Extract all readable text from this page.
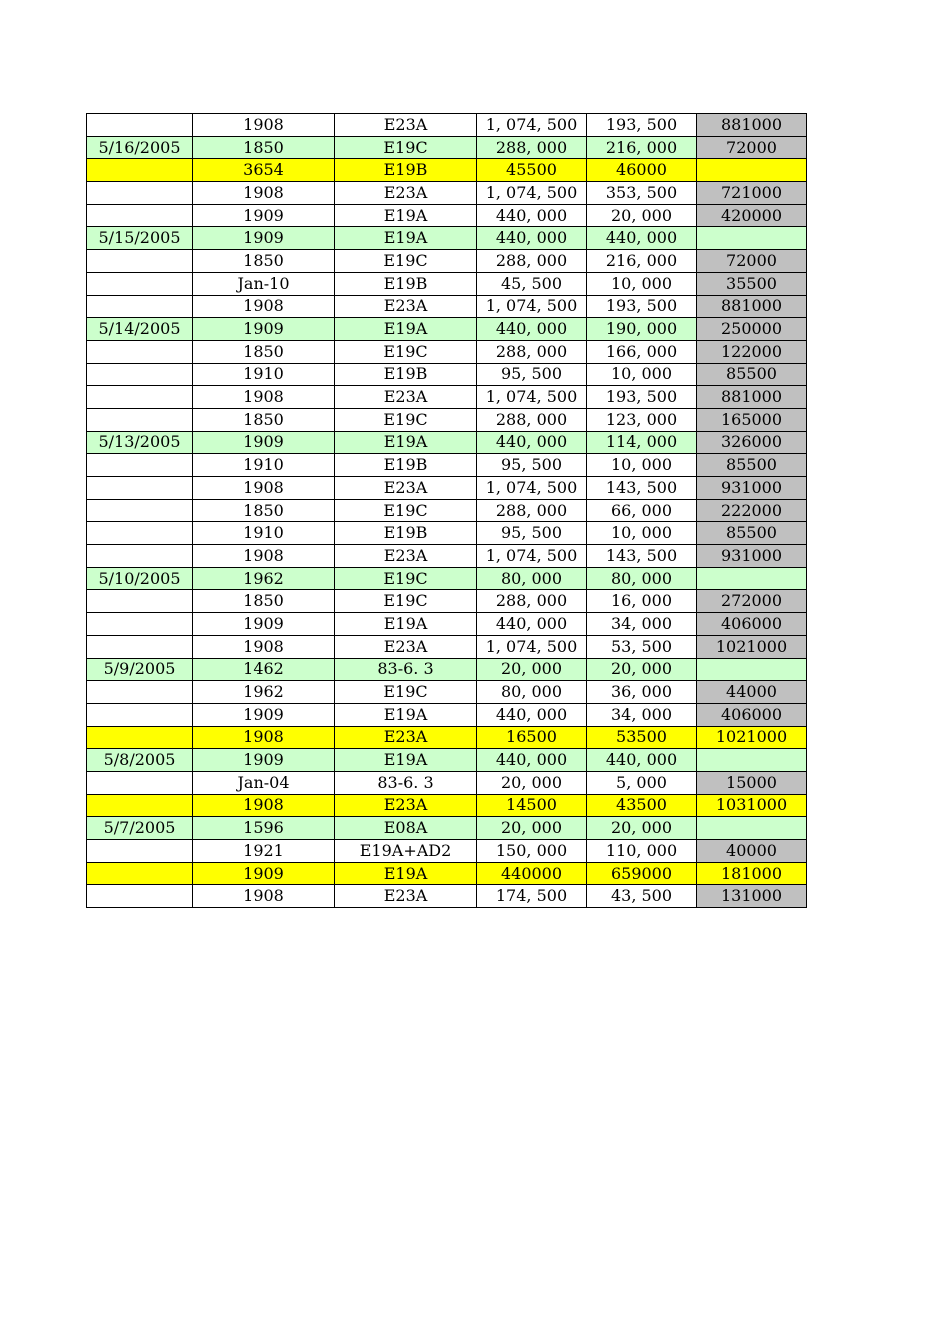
	1908	E23A	1, 074, 500	193, 500	881000
5/16/2005	1850	E19C	288, 000	216, 000	72000
	3654	E19B	45500	46000	
	1908	E23A	1, 074, 500	353, 500	721000
	1909	E19A	440, 000	20, 000	420000
5/15/2005	1909	E19A	440, 000	440, 000	
	1850	E19C	288, 000	216, 000	72000
	Jan-10	E19B	45, 500	10, 000	35500
	1908	E23A	1, 074, 500	193, 500	881000
5/14/2005	1909	E19A	440, 000	190, 000	250000
	1850	E19C	288, 000	166, 000	122000
	1910	E19B	95, 500	10, 000	85500
	1908	E23A	1, 074, 500	193, 500	881000
	1850	E19C	288, 000	123, 000	165000
5/13/2005	1909	E19A	440, 000	114, 000	326000
	1910	E19B	95, 500	10, 000	85500
	1908	E23A	1, 074, 500	143, 500	931000
	1850	E19C	288, 000	66, 000	222000
	1910	E19B	95, 500	10, 000	85500
	1908	E23A	1, 074, 500	143, 500	931000
5/10/2005	1962	E19C	80, 000	80, 000	
	1850	E19C	288, 000	16, 000	272000
	1909	E19A	440, 000	34, 000	406000
	1908	E23A	1, 074, 500	53, 500	1021000
5/9/2005	1462	83-6. 3	20, 000	20, 000	
	1962	E19C	80, 000	36, 000	44000
	1909	E19A	440, 000	34, 000	406000
	1908	E23A	16500	53500	1021000
5/8/2005	1909	E19A	440, 000	440, 000	
	Jan-04	83-6. 3	20, 000	5, 000	15000
	1908	E23A	14500	43500	1031000
5/7/2005	1596	E08A	20, 000	20, 000	
	1921	E19A+AD2	150, 000	110, 000	40000
	1909	E19A	440000	659000	181000
	1908	E23A	174, 500	43, 500	131000
